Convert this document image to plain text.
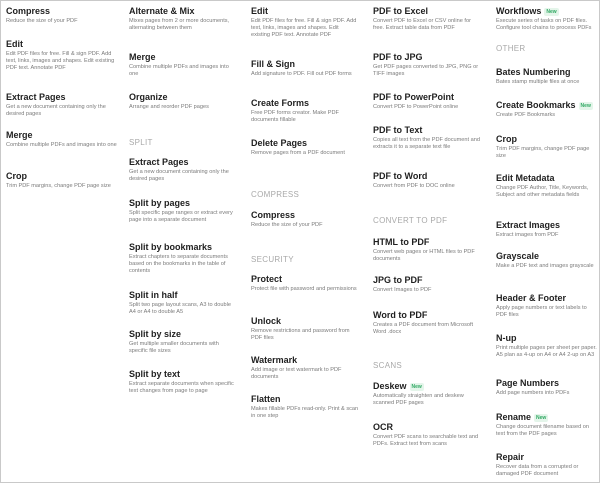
Compress
Reduce the size of your PDF
Edit
Edit PDF files for free. Fill & sign PDF. Add text, links, images and shapes. Edit existing PDF text. Annotate PDF
Extract Pages
Get a new document containing only the desired pages
Merge
Combine multiple PDFs and images into one
Crop
Trim PDF margins, change PDF page size
Alternate & Mix
Mixes pages from 2 or more documents, alternating between them
Merge
Combine multiple PDFs and images into one
Organize
Arrange and reorder PDF pages
SPLIT
Extract Pages
Get a new document containing only the desired pages
Split by pages
Split specific page ranges or extract every page into a separate document
Split by bookmarks
Extract chapters to separate documents based on the bookmarks in the table of contents
Split in half
Split two page layout scans, A3 to double A4 or A4 to double A5
Split by size
Get multiple smaller documents with specific file sizes
Split by text
Extract separate documents when specific text changes from page to page
Edit
Edit PDF files for free. Fill & sign PDF. Add text, links, images and shapes. Edit existing PDF text. Annotate PDF
Fill & Sign
Add signature to PDF. Fill out PDF forms
Create Forms
Free PDF forms creator. Make PDF documents fillable
Delete Pages
Remove pages from a PDF document
COMPRESS
Compress
Reduce the size of your PDF
SECURITY
Protect
Protect file with password and permissions
Unlock
Remove restrictions and password from PDF files
Watermark
Add image or text watermark to PDF documents
Flatten
Makes fillable PDFs read-only. Print & scan in one step
PDF to Excel
Convert PDF to Excel or CSV online for free. Extract table data from PDF
PDF to JPG
Get PDF pages converted to JPG, PNG or TIFF images
PDF to PowerPoint
Convert PDF to PowerPoint online
PDF to Text
Copies all text from the PDF document and extracts it to a separate text file
PDF to Word
Convert from PDF to DOC online
CONVERT TO PDF
HTML to PDF
Convert web pages or HTML files to PDF documents
JPG to PDF
Convert Images to PDF
Word to PDF
Creates a PDF document from Microsoft Word .docx
SCANS
Deskew New
Automatically straighten and deskew scanned PDF pages
OCR
Convert PDF scans to searchable text and PDFs. Extract text from scans
Workflows New
Execute series of tasks on PDF files. Configure tool chains to process PDFs
OTHER
Bates Numbering
Bates stamp multiple files at once
Create Bookmarks New
Create PDF Bookmarks
Crop
Trim PDF margins, change PDF page size
Edit Metadata
Change PDF Author, Title, Keywords, Subject and other metadata fields
Extract Images
Extract images from PDF
Grayscale
Make a PDF text and images grayscale
Header & Footer
Apply page numbers or text labels to PDF files
N-up
Print multiple pages per sheet per paper. A5 plan as 4-up on A4 or A4 2-up on A3
Page Numbers
Add page numbers into PDFs
Rename New
Change document filename based on text from the PDF pages
Repair
Recover data from a corrupted or damaged PDF document
